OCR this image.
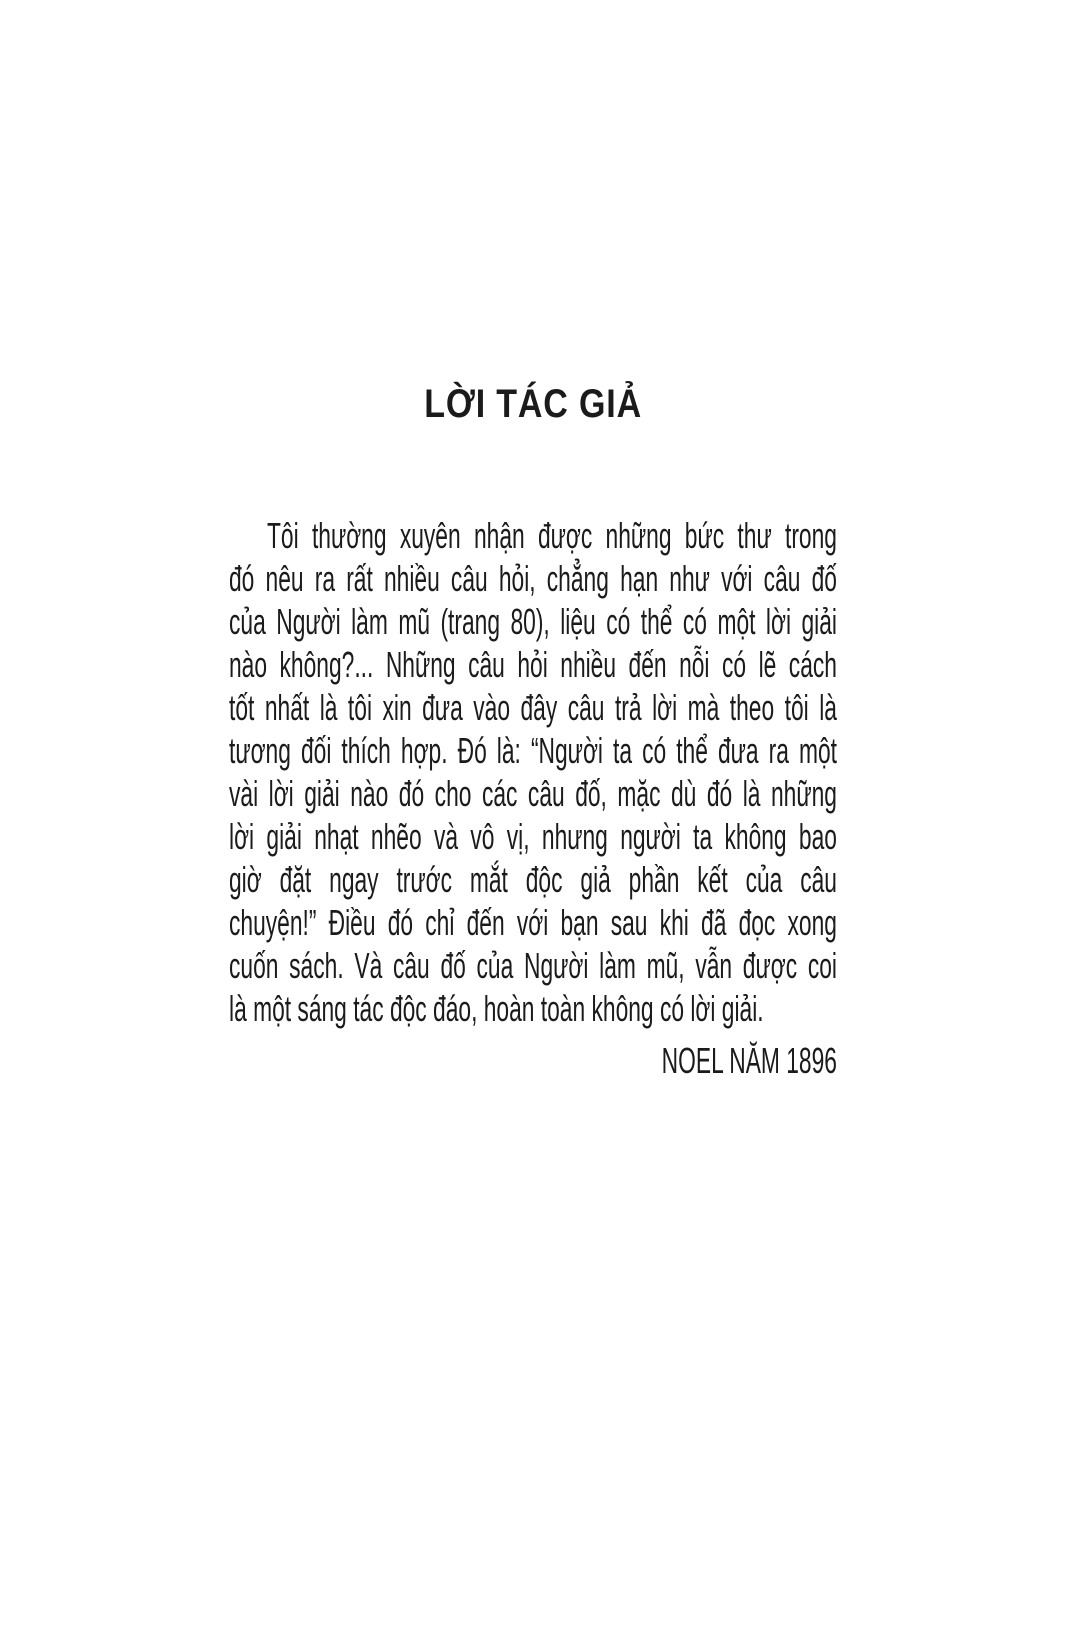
LỜI TÁC GIẢ
Tôi thường xuyên nhận được những bức thư trong
đó nêu ra rất nhiều câu hỏi, chẳng hạn như với câu đố
của Người làm mũ (trang 80), liệu có thể có một lời giải
nào không?... Những câu hỏi nhiều đến nỗi có lẽ cách
tốt nhất là tôi xin đưa vào đây câu trả lời mà theo tôi là
tương đối thích hợp. Đó là: “Người ta có thể đưa ra một
vài lời giải nào đó cho các câu đố, mặc dù đó là những
lời giải nhạt nhẽo và vô vị, nhưng người ta không bao
giờ đặt ngay trước mắt độc giả phần kết của câu
chuyện!” Điều đó chỉ đến với bạn sau khi đã đọc xong
cuốn sách. Và câu đố của Người làm mũ, vẫn được coi
là một sáng tác độc đáo, hoàn toàn không có lời giải.
NOEL NĂM 1896
